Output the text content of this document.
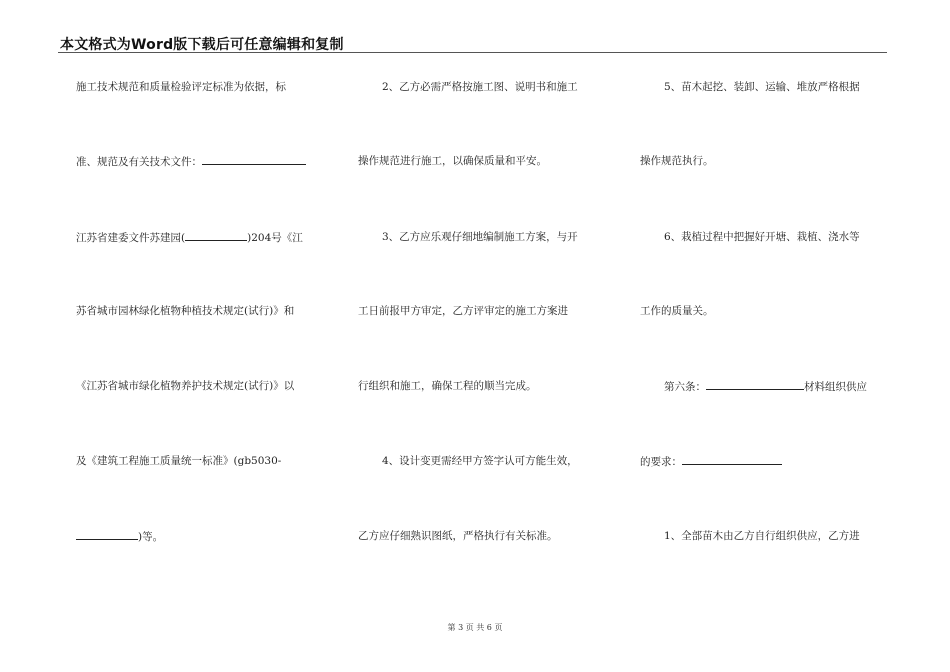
本文格式为Word版下载后可任意编辑和复制
施工技术规范和质量检验评定标准为依据，标
准、规范及有关技术文件：
江苏省建委文件苏建园(	)204号《江
苏省城市园林绿化植物种植技术规定(试行)》和
《江苏省城市绿化植物养护技术规定(试行)》以
及《建筑工程施工质量统一标准》(gb5030-
)等。
2、乙方必需严格按施工图、说明书和施工
操作规范进行施工，以确保质量和平安。
3、乙方应乐观仔细地编制施工方案，与开
工日前报甲方审定，乙方评审定的施工方案进
行组织和施工，确保工程的顺当完成。
4、设计变更需经甲方签字认可方能生效，
乙方应仔细熟识图纸，严格执行有关标准。
5、苗木起挖、装卸、运输、堆放严格根据
操作规范执行。
6、栽植过程中把握好开塘、栽植、浇水等
工作的质量关。
第六条：	材料组织供应
的要求：
1、全部苗木由乙方自行组织供应，乙方进
第 3 页 共 6 页
